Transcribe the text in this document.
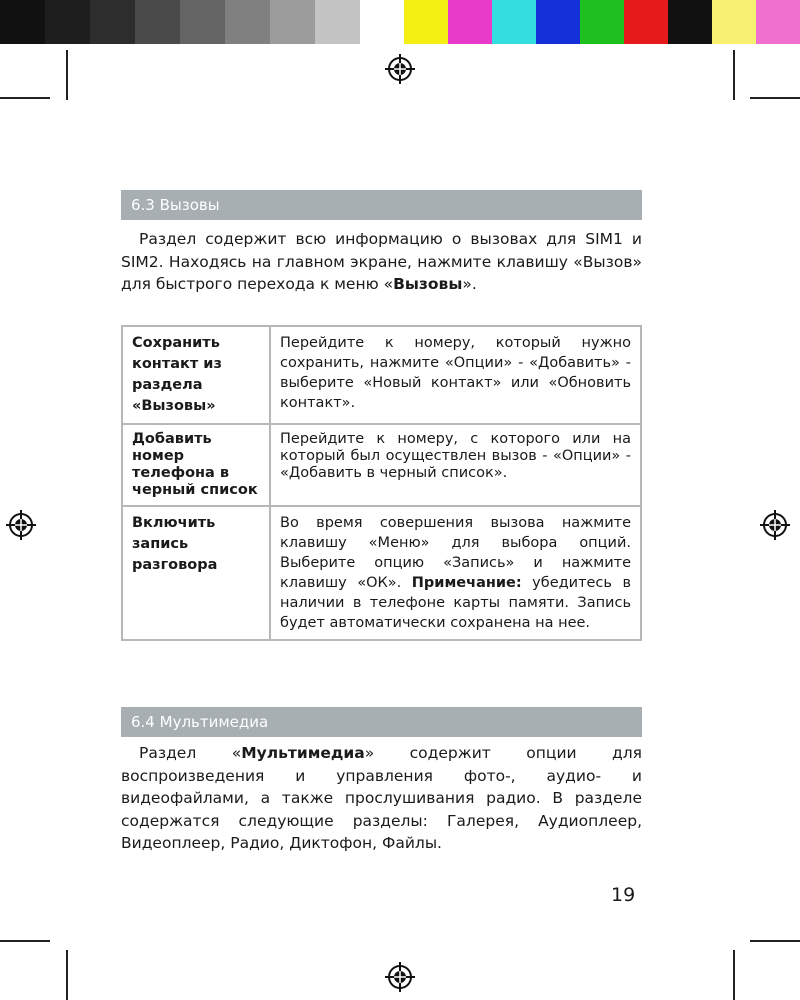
6.3 Вызовы

Раздел содержит всю информацию о вызовах для SIM1 и SIM2. Находясь на главном экране, нажмите клавишу «Вызов» для быстрого перехода к меню «Вызовы».

Сохранить контакт из раздела «Вызовы»	Перейдите к номеру, который нужно сохранить, нажмите «Опции» - «Добавить» - выберите «Новый контакт» или «Обновить контакт».
Добавить номер телефона в черный список	Перейдите к номеру, с которого или на который был осуществлен вызов - «Опции» - «Добавить в черный список».
Включить запись разговора	Во время совершения вызова нажмите клавишу «Меню» для выбора опций. Выберите опцию «Запись» и нажмите клавишу «ОК». Примечание: убедитесь в наличии в телефоне карты памяти. Запись будет автоматически сохранена на нее.
6.4 Мультимедиа

Раздел «Мультимедиа» содержит опции для воспроизведения и управления фото-, аудио- и видеофайлами, а также прослушивания радио. В разделе содержатся следующие разделы: Галерея, Аудиоплеер, Видеоплеер, Радио, Диктофон, Файлы.

19
